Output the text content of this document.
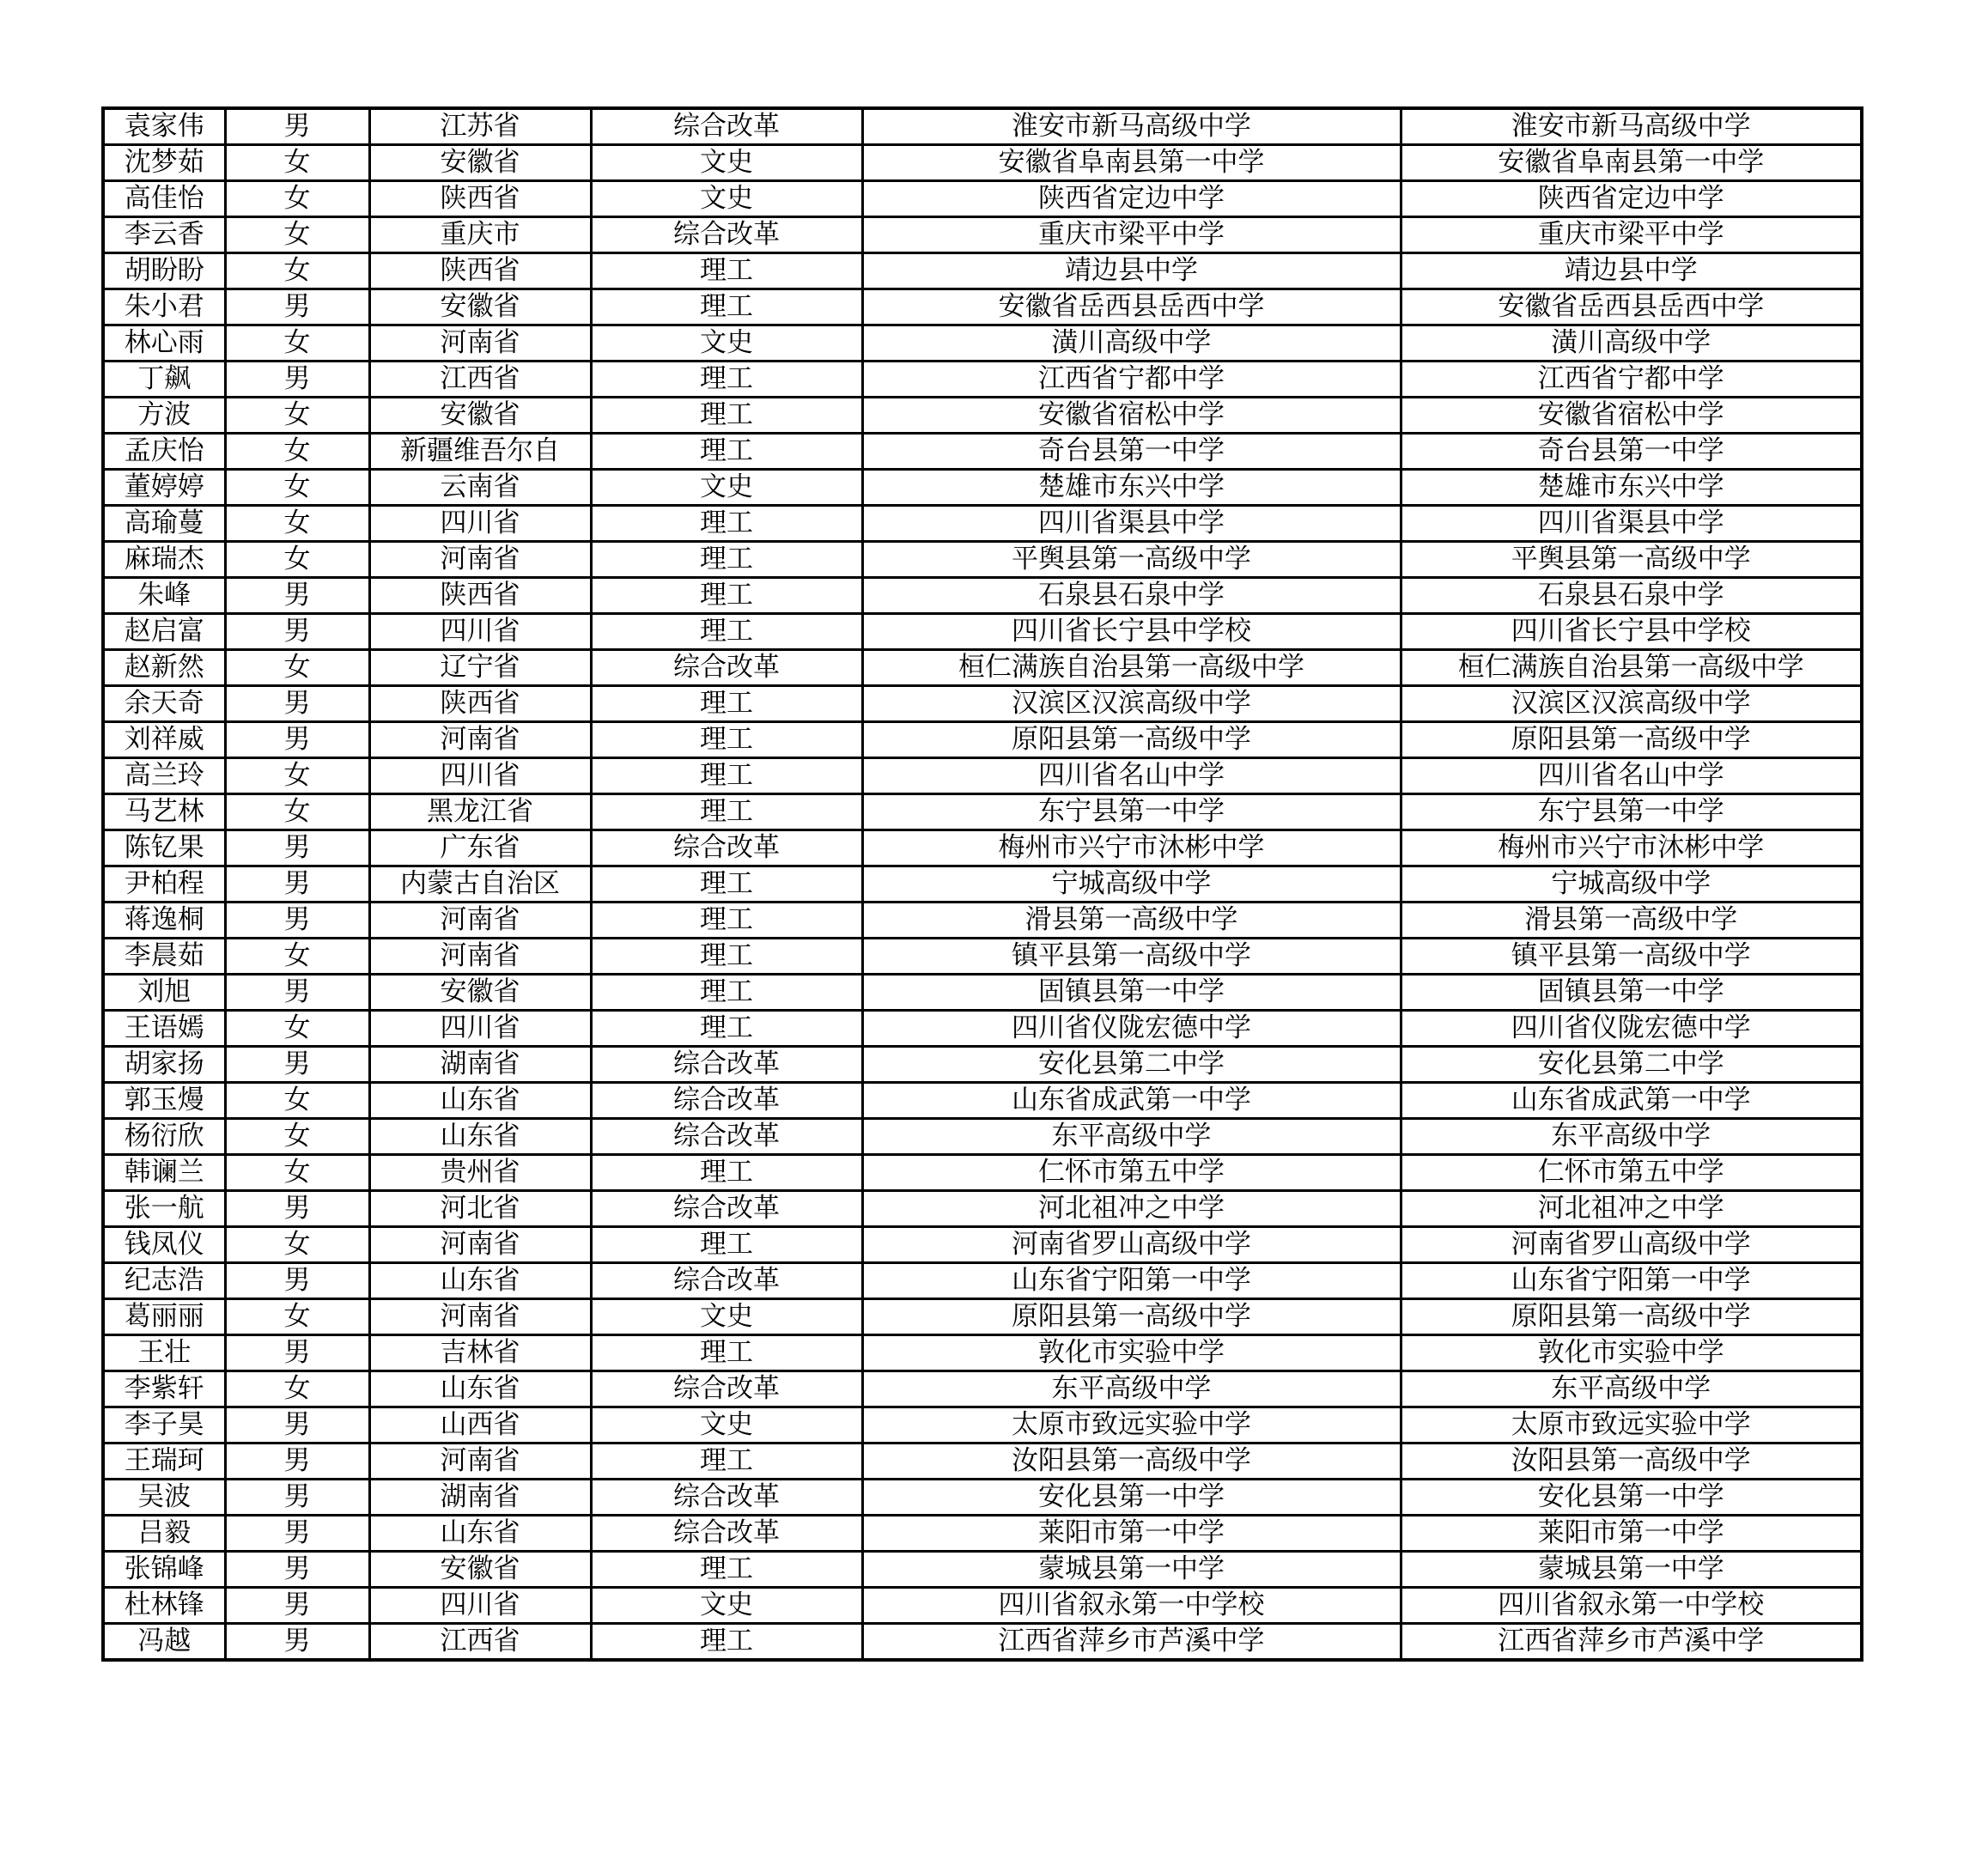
袁家伟	男	江苏省	综合改革	淮安市新马高级中学	淮安市新马高级中学
沈梦茹	女	安徽省	文史	安徽省阜南县第一中学	安徽省阜南县第一中学
高佳怡	女	陕西省	文史	陕西省定边中学	陕西省定边中学
李云香	女	重庆市	综合改革	重庆市梁平中学	重庆市梁平中学
胡盼盼	女	陕西省	理工	靖边县中学	靖边县中学
朱小君	男	安徽省	理工	安徽省岳西县岳西中学	安徽省岳西县岳西中学
林心雨	女	河南省	文史	潢川高级中学	潢川高级中学
丁飙	男	江西省	理工	江西省宁都中学	江西省宁都中学
方波	女	安徽省	理工	安徽省宿松中学	安徽省宿松中学
孟庆怡	女	新疆维吾尔自	理工	奇台县第一中学	奇台县第一中学
董婷婷	女	云南省	文史	楚雄市东兴中学	楚雄市东兴中学
高瑜蔓	女	四川省	理工	四川省渠县中学	四川省渠县中学
麻瑞杰	女	河南省	理工	平舆县第一高级中学	平舆县第一高级中学
朱峰	男	陕西省	理工	石泉县石泉中学	石泉县石泉中学
赵启富	男	四川省	理工	四川省长宁县中学校	四川省长宁县中学校
赵新然	女	辽宁省	综合改革	桓仁满族自治县第一高级中学	桓仁满族自治县第一高级中学
余天奇	男	陕西省	理工	汉滨区汉滨高级中学	汉滨区汉滨高级中学
刘祥威	男	河南省	理工	原阳县第一高级中学	原阳县第一高级中学
高兰玲	女	四川省	理工	四川省名山中学	四川省名山中学
马艺林	女	黑龙江省	理工	东宁县第一中学	东宁县第一中学
陈钇果	男	广东省	综合改革	梅州市兴宁市沐彬中学	梅州市兴宁市沐彬中学
尹柏程	男	内蒙古自治区	理工	宁城高级中学	宁城高级中学
蒋逸桐	男	河南省	理工	滑县第一高级中学	滑县第一高级中学
李晨茹	女	河南省	理工	镇平县第一高级中学	镇平县第一高级中学
刘旭	男	安徽省	理工	固镇县第一中学	固镇县第一中学
王语嫣	女	四川省	理工	四川省仪陇宏德中学	四川省仪陇宏德中学
胡家扬	男	湖南省	综合改革	安化县第二中学	安化县第二中学
郭玉熳	女	山东省	综合改革	山东省成武第一中学	山东省成武第一中学
杨衍欣	女	山东省	综合改革	东平高级中学	东平高级中学
韩谰兰	女	贵州省	理工	仁怀市第五中学	仁怀市第五中学
张一航	男	河北省	综合改革	河北祖冲之中学	河北祖冲之中学
钱凤仪	女	河南省	理工	河南省罗山高级中学	河南省罗山高级中学
纪志浩	男	山东省	综合改革	山东省宁阳第一中学	山东省宁阳第一中学
葛丽丽	女	河南省	文史	原阳县第一高级中学	原阳县第一高级中学
王壮	男	吉林省	理工	敦化市实验中学	敦化市实验中学
李紫轩	女	山东省	综合改革	东平高级中学	东平高级中学
李子昊	男	山西省	文史	太原市致远实验中学	太原市致远实验中学
王瑞珂	男	河南省	理工	汝阳县第一高级中学	汝阳县第一高级中学
吴波	男	湖南省	综合改革	安化县第一中学	安化县第一中学
吕毅	男	山东省	综合改革	莱阳市第一中学	莱阳市第一中学
张锦峰	男	安徽省	理工	蒙城县第一中学	蒙城县第一中学
杜林锋	男	四川省	文史	四川省叙永第一中学校	四川省叙永第一中学校
冯越	男	江西省	理工	江西省萍乡市芦溪中学	江西省萍乡市芦溪中学
